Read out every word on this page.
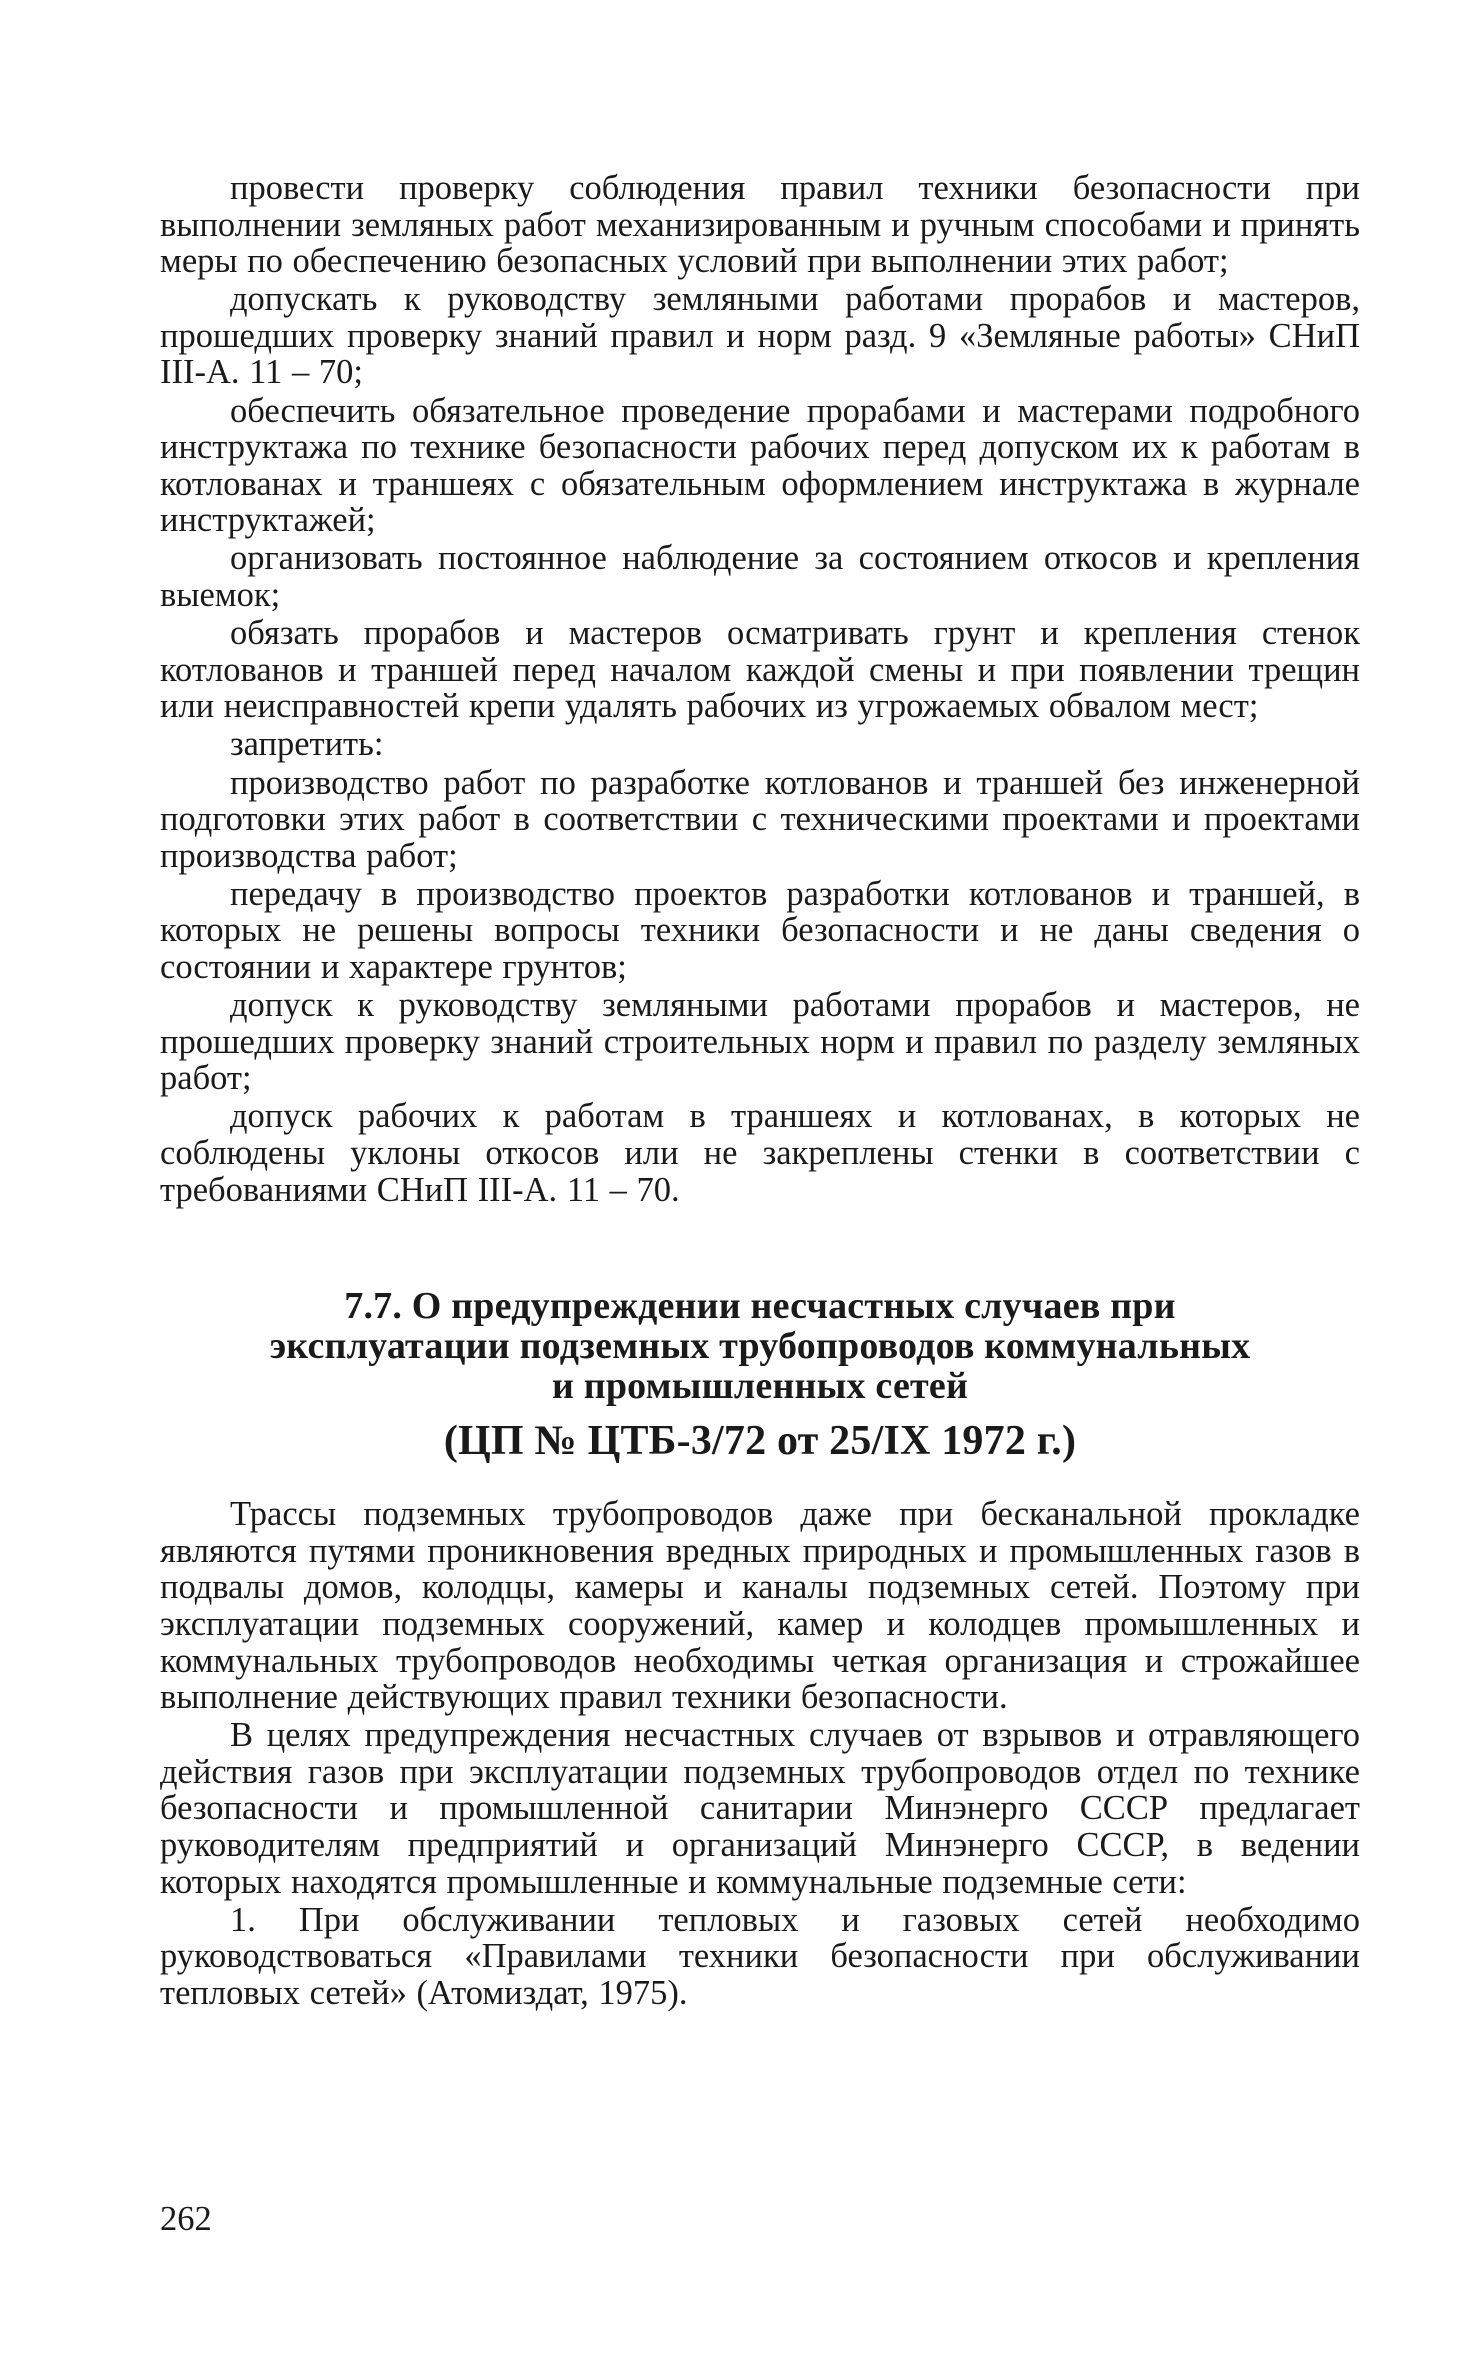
провести проверку соблюдения правил техники безопасности при выполнении земляных работ механизированным и ручным способами и принять меры по обеспечению безопасных условий при выполнении этих работ;

допускать к руководству земляными работами прорабов и мастеров, прошедших проверку знаний правил и норм разд. 9 «Земляные работы» СНиП III-А. 11 – 70;

обеспечить обязательное проведение прорабами и мастерами подробного инструктажа по технике безопасности рабочих перед допуском их к работам в котлованах и траншеях с обязательным оформлением инструктажа в журнале инструктажей;

организовать постоянное наблюдение за состоянием откосов и крепления выемок;

обязать прорабов и мастеров осматривать грунт и крепления стенок котлованов и траншей перед началом каждой смены и при появлении трещин или неисправностей крепи удалять рабочих из угрожаемых обвалом мест;

запретить:

производство работ по разработке котлованов и траншей без инженерной подготовки этих работ в соответствии с техническими проектами и проектами производства работ;

передачу в производство проектов разработки котлованов и траншей, в которых не решены вопросы техники безопасности и не даны сведения о состоянии и характере грунтов;

допуск к руководству земляными работами прорабов и мастеров, не прошедших проверку знаний строительных норм и правил по разделу земляных работ;

допуск рабочих к работам в траншеях и котлованах, в которых не соблюдены уклоны откосов или не закреплены стенки в соответствии с требованиями СНиП III-А. 11 – 70.

7.7. О предупреждении несчастных случаев при
эксплуатации подземных трубопроводов коммунальных
и промышленных сетей
(ЦП № ЦТБ-3/72 от 25/IX 1972 г.)

Трассы подземных трубопроводов даже при бесканальной прокладке являются путями проникновения вредных природных и промышленных газов в подвалы домов, колодцы, камеры и каналы подземных сетей. Поэтому при эксплуатации подземных сооружений, камер и колодцев промышленных и коммунальных трубопроводов необходимы четкая организация и строжайшее выполнение действующих правил техники безопасности.

В целях предупреждения несчастных случаев от взрывов и отравляющего действия газов при эксплуатации подземных трубопроводов отдел по технике безопасности и промышленной санитарии Минэнерго СССР предлагает руководителям предприятий и организаций Минэнерго СССР, в ведении которых находятся промышленные и коммунальные подземные сети:

1. При обслуживании тепловых и газовых сетей необходимо руководствоваться «Правилами техники безопасности при обслуживании тепловых сетей» (Атомиздат, 1975).

262
